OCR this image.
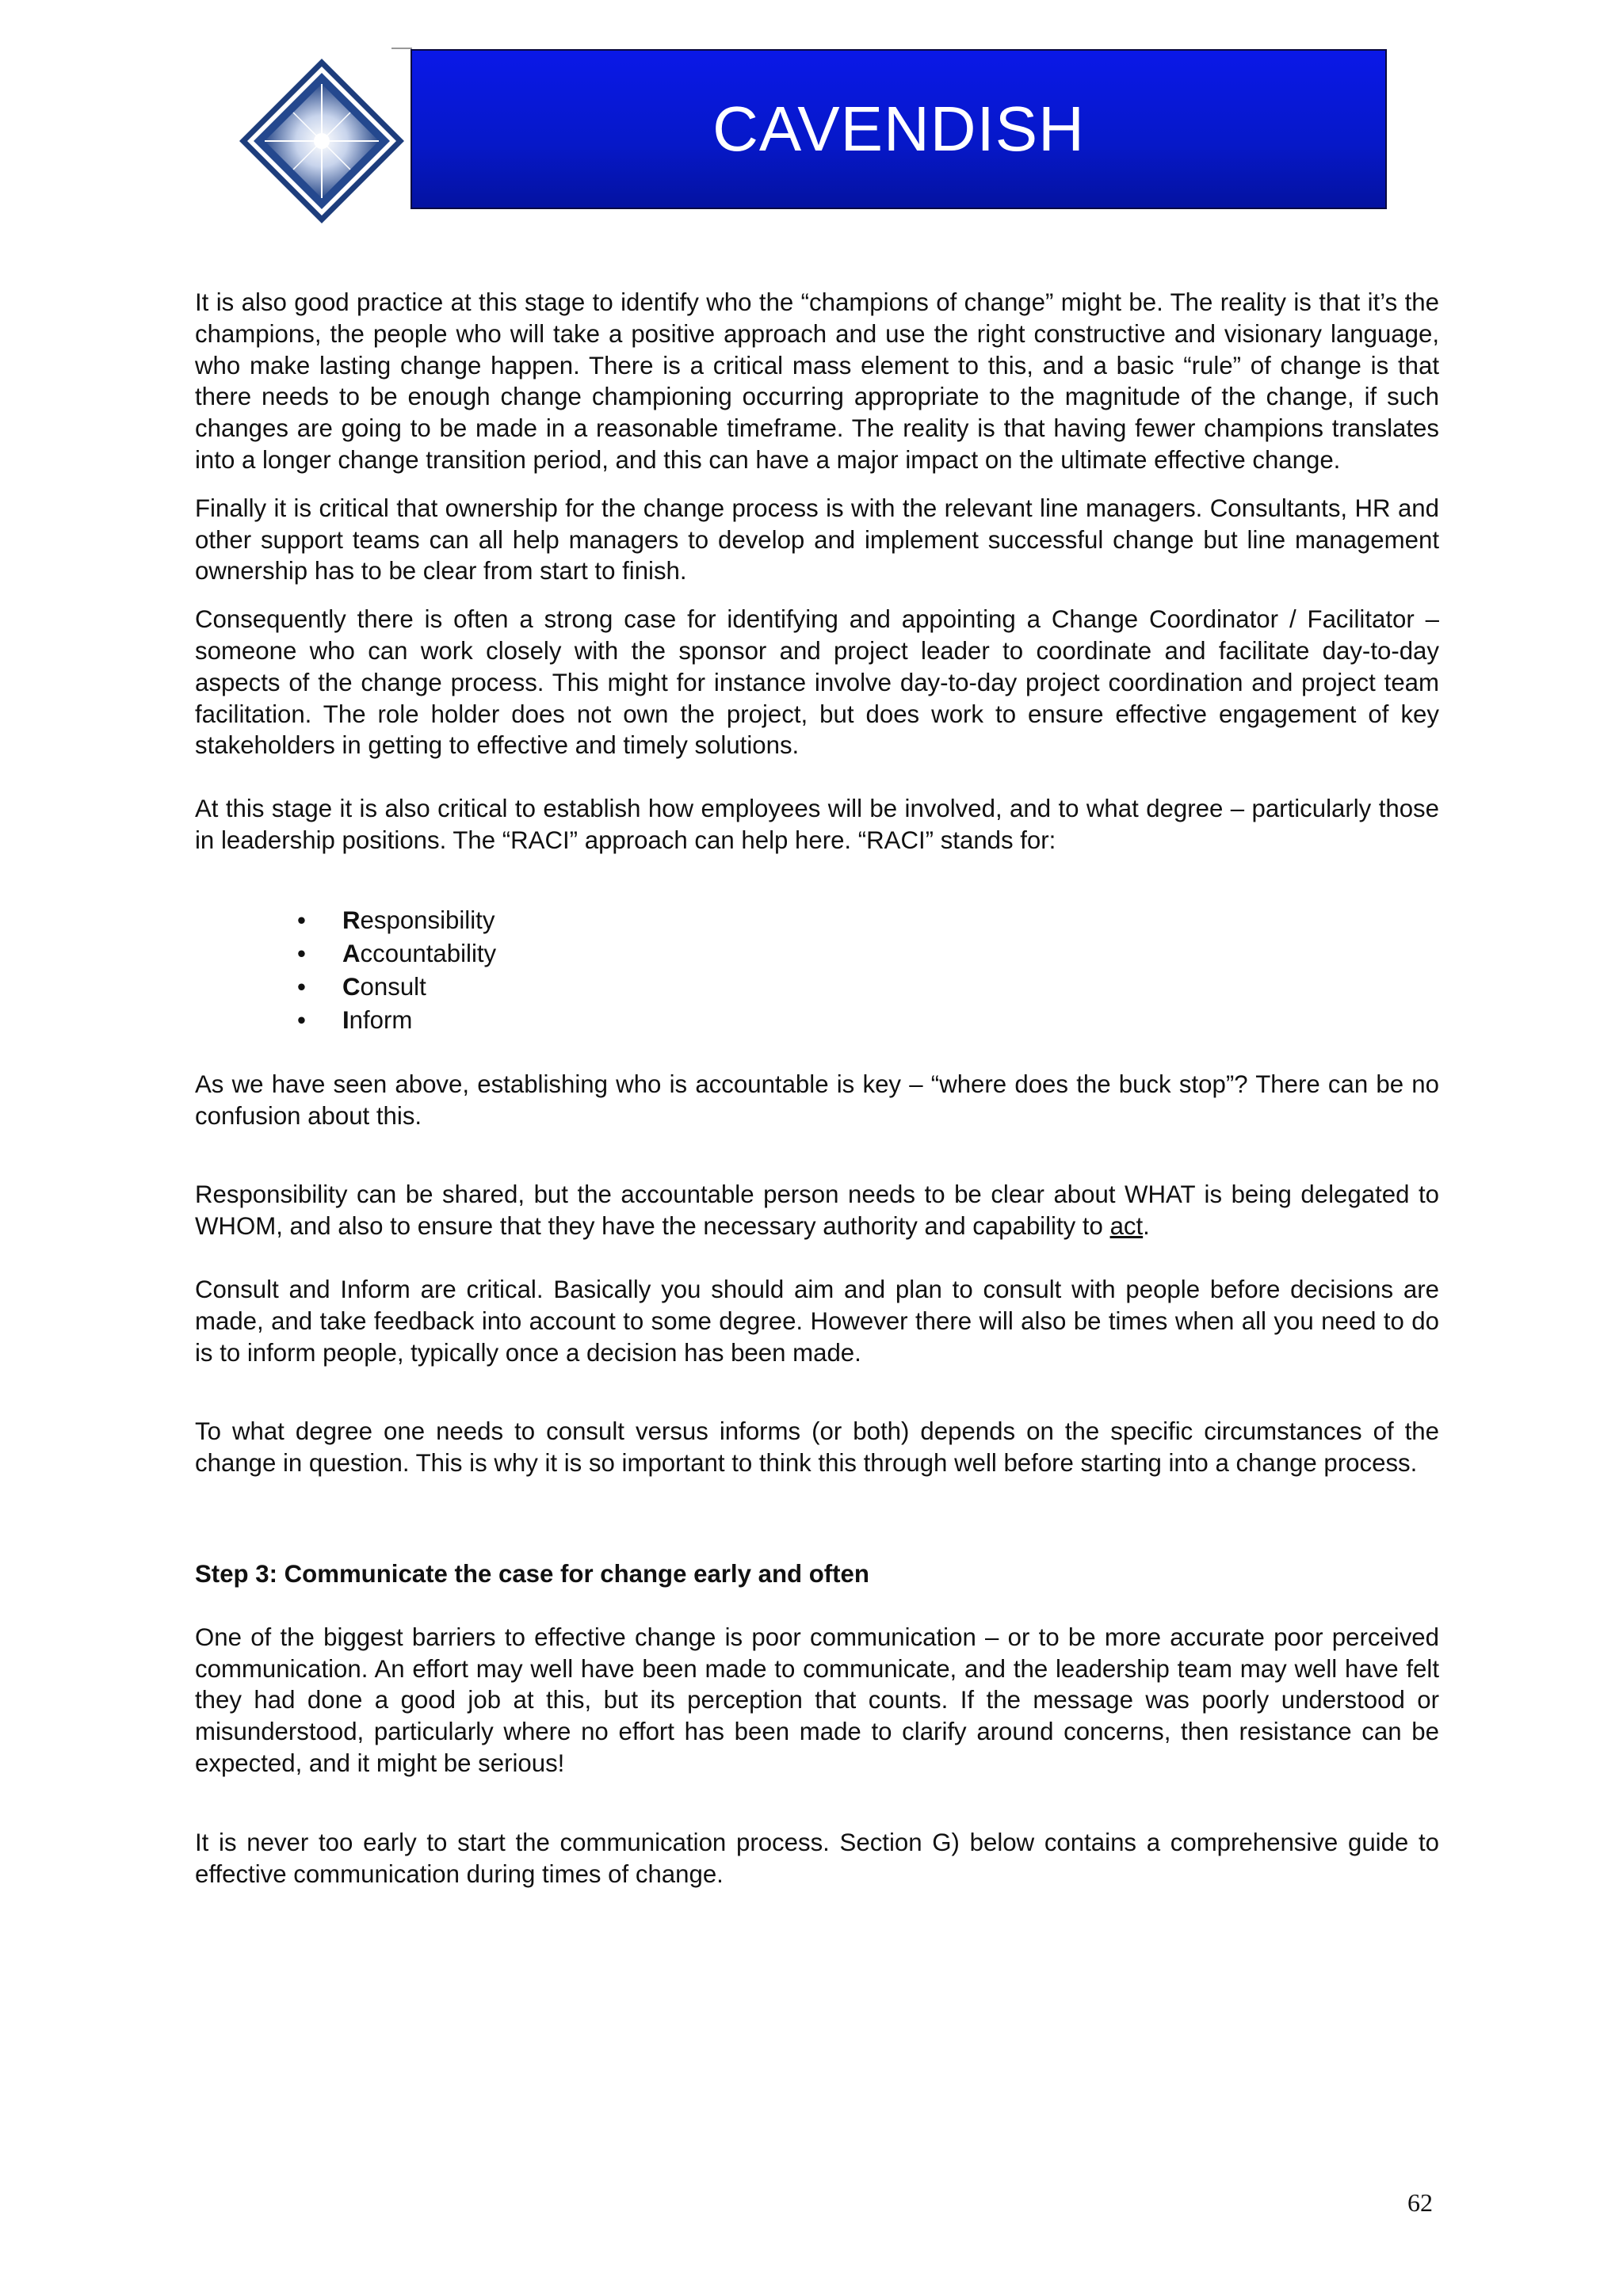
CAVENDISH

It is also good practice at this stage to identify who the “champions of change” might be. The reality is that it’s the champions, the people who will take a positive approach and use the right constructive and visionary language, who make lasting change happen. There is a critical mass element to this, and a basic “rule” of change is that there needs to be enough change championing occurring appropriate to the magnitude of the change, if such changes are going to be made in a reasonable timeframe. The reality is that having fewer champions translates into a longer change transition period, and this can have a major impact on the ultimate effective change.

Finally it is critical that ownership for the change process is with the relevant line managers. Consultants, HR and other support teams can all help managers to develop and implement successful change but line management ownership has to be clear from start to finish.

Consequently there is often a strong case for identifying and appointing a Change Coordinator / Facilitator – someone who can work closely with the sponsor and project leader to coordinate and facilitate day-to-day aspects of the change process. This might for instance involve day-to-day project coordination and project team facilitation. The role holder does not own the project, but does work to ensure effective engagement of key stakeholders in getting to effective and timely solutions.

At this stage it is also critical to establish how employees will be involved, and to what degree – particularly those in leadership positions. The “RACI” approach can help here. “RACI” stands for:

• Responsibility
• Accountability
• Consult
• Inform

As we have seen above, establishing who is accountable is key – “where does the buck stop”? There can be no confusion about this.

Responsibility can be shared, but the accountable person needs to be clear about WHAT is being delegated to WHOM, and also to ensure that they have the necessary authority and capability to act.

Consult and Inform are critical. Basically you should aim and plan to consult with people before decisions are made, and take feedback into account to some degree. However there will also be times when all you need to do is to inform people, typically once a decision has been made.

To what degree one needs to consult versus informs (or both) depends on the specific circumstances of the change in question. This is why it is so important to think this through well before starting into a change process.

Step 3: Communicate the case for change early and often

One of the biggest barriers to effective change is poor communication – or to be more accurate poor perceived communication. An effort may well have been made to communicate, and the leadership team may well have felt they had done a good job at this, but its perception that counts. If the message was poorly understood or misunderstood, particularly where no effort has been made to clarify around concerns, then resistance can be expected, and it might be serious!

It is never too early to start the communication process. Section G) below contains a comprehensive guide to effective communication during times of change.

62
